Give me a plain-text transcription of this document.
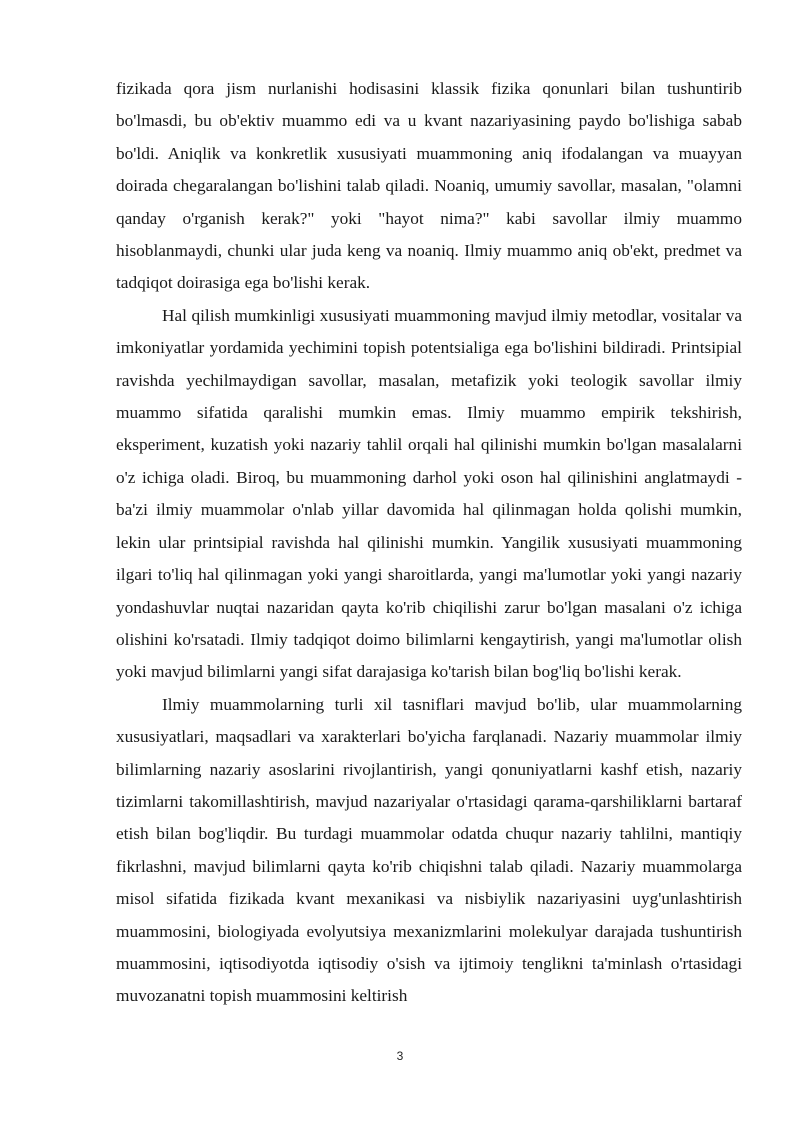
fizikada qora jism nurlanishi hodisasini klassik fizika qonunlari bilan tushuntirib bo'lmasdi, bu ob'ektiv muammo edi va u kvant nazariyasining paydo bo'lishiga sabab bo'ldi. Aniqlik va konkretlik xususiyati muammoning aniq ifodalangan va muayyan doirada chegaralangan bo'lishini talab qiladi. Noaniq, umumiy savollar, masalan, "olamni qanday o'rganish kerak?" yoki "hayot nima?" kabi savollar ilmiy muammo hisoblanmaydi, chunki ular juda keng va noaniq. Ilmiy muammo aniq ob'ekt, predmet va tadqiqot doirasiga ega bo'lishi kerak.

Hal qilish mumkinligi xususiyati muammoning mavjud ilmiy metodlar, vositalar va imkoniyatlar yordamida yechimini topish potentsialiga ega bo'lishini bildiradi. Printsipial ravishda yechilmaydigan savollar, masalan, metafizik yoki teologik savollar ilmiy muammo sifatida qaralishi mumkin emas. Ilmiy muammo empirik tekshirish, eksperiment, kuzatish yoki nazariy tahlil orqali hal qilinishi mumkin bo'lgan masalalarni o'z ichiga oladi. Biroq, bu muammoning darhol yoki oson hal qilinishini anglatmaydi - ba'zi ilmiy muammolar o'nlab yillar davomida hal qilinmagan holda qolishi mumkin, lekin ular printsipial ravishda hal qilinishi mumkin. Yangilik xususiyati muammoning ilgari to'liq hal qilinmagan yoki yangi sharoitlarda, yangi ma'lumotlar yoki yangi nazariy yondashuvlar nuqtai nazaridan qayta ko'rib chiqilishi zarur bo'lgan masalani o'z ichiga olishini ko'rsatadi. Ilmiy tadqiqot doimo bilimlarni kengaytirish, yangi ma'lumotlar olish yoki mavjud bilimlarni yangi sifat darajasiga ko'tarish bilan bog'liq bo'lishi kerak.

Ilmiy muammolarning turli xil tasniflari mavjud bo'lib, ular muammolarning xususiyatlari, maqsadlari va xarakterlari bo'yicha farqlanadi. Nazariy muammolar ilmiy bilimlarning nazariy asoslarini rivojlantirish, yangi qonuniyatlarni kashf etish, nazariy tizimlarni takomillashtirish, mavjud nazariyalar o'rtasidagi qarama-qarshiliklarni bartaraf etish bilan bog'liqdir. Bu turdagi muammolar odatda chuqur nazariy tahlilni, mantiqiy fikrlashni, mavjud bilimlarni qayta ko'rib chiqishni talab qiladi. Nazariy muammolarga misol sifatida fizikada kvant mexanikasi va nisbiylik nazariyasini uyg'unlashtirish muammosini, biologiyada evolyutsiya mexanizmlarini molekulyar darajada tushuntirish muammosini, iqtisodiyotda iqtisodiy o'sish va ijtimoiy tenglikni ta'minlash o'rtasidagi muvozanatni topish muammosini keltirish

3
